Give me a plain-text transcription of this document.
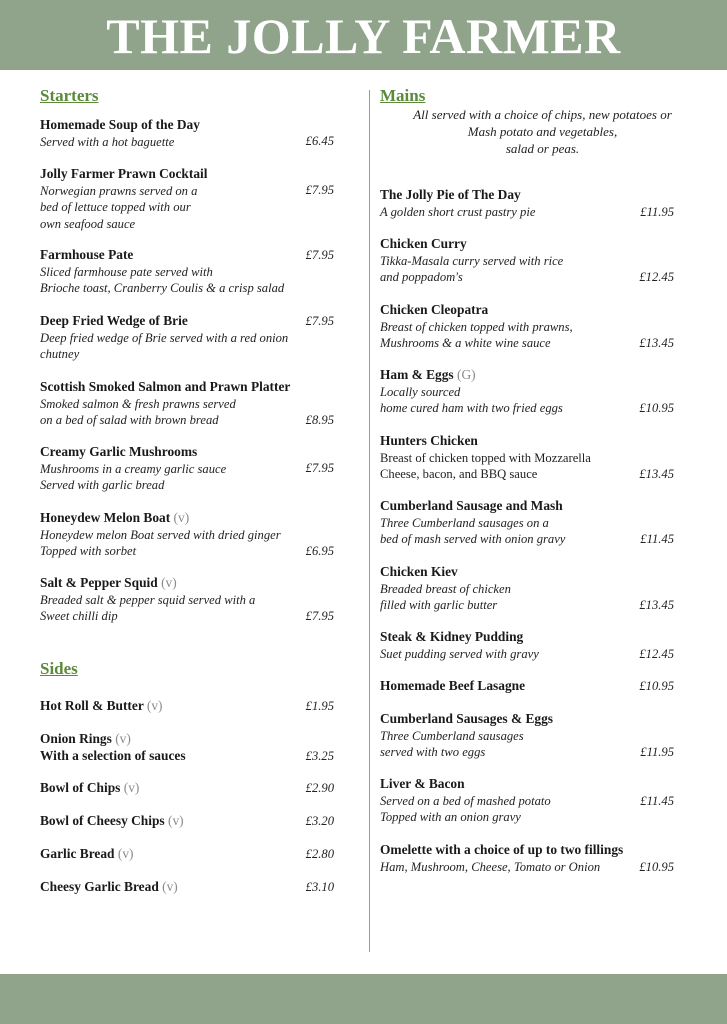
THE JOLLY FARMER
Starters
Homemade Soup of the Day
Served with a hot baguette	£6.45
Jolly Farmer Prawn Cocktail
Norwegian prawns served on a
bed of lettuce topped with our
own seafood sauce
£7.95
Farmhouse Pate
Sliced farmhouse pate served with
Brioche toast, Cranberry Coulis & a crisp salad
£7.95
Deep Fried Wedge of Brie
Deep fried wedge of Brie served with a red onion
chutney
£7.95
Scottish Smoked Salmon and Prawn Platter
Smoked salmon & fresh prawns served
on a bed of salad with brown bread	£8.95
Creamy Garlic Mushrooms
Mushrooms in a creamy garlic sauce
Served with garlic bread
£7.95
Honeydew Melon Boat (v)
Honeydew melon Boat served with dried ginger
Topped with sorbet	£6.95
Salt & Pepper Squid (v)
Breaded salt & pepper squid served with a
Sweet chilli dip	£7.95
Sides
Hot Roll & Butter (v)	£1.95
Onion Rings (v)
With a selection of sauces	£3.25
Bowl of Chips (v)	£2.90
Bowl of Cheesy Chips (v)	£3.20
Garlic Bread (v)	£2.80
Cheesy Garlic Bread (v)	£3.10
Mains
All served with a choice of chips, new potatoes or
Mash potato and vegetables,
salad or peas.
The Jolly Pie of The Day
A golden short crust pastry pie	£11.95
Chicken Curry
Tikka-Masala curry served with rice
and poppadom's	£12.45
Chicken Cleopatra
Breast of chicken topped with prawns,
Mushrooms & a white wine sauce	£13.45
Ham & Eggs (G)
Locally sourced
home cured ham with two fried eggs	£10.95
Hunters Chicken
Breast of chicken topped with Mozzarella
Cheese, bacon, and BBQ sauce	£13.45
Cumberland Sausage and Mash
Three Cumberland sausages on a
bed of mash served with onion gravy	£11.45
Chicken Kiev
Breaded breast of chicken
filled with garlic butter	£13.45
Steak & Kidney Pudding
Suet pudding served with gravy	£12.45
Homemade Beef Lasagne	£10.95
Cumberland Sausages & Eggs
Three Cumberland sausages
served with two eggs	£11.95
Liver & Bacon
Served on a bed of mashed potato
Topped with an onion gravy
£11.45
Omelette with a choice of up to two fillings
Ham, Mushroom, Cheese, Tomato or Onion	£10.95
